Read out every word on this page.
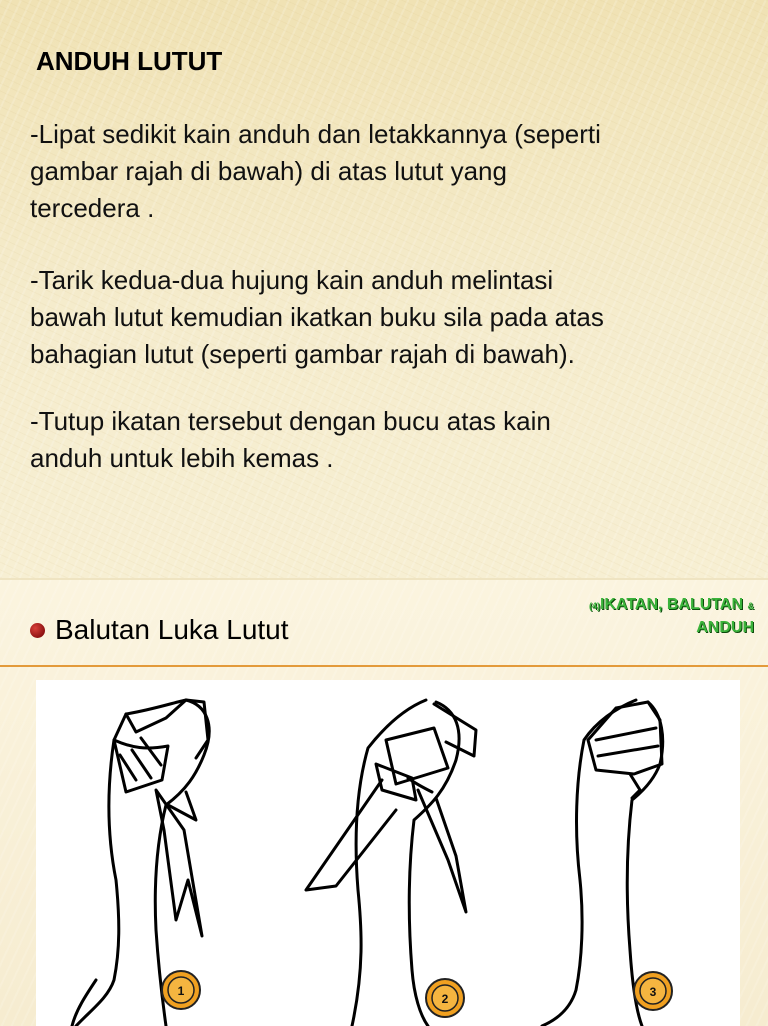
ANDUH LUTUT
-Lipat sedikit kain anduh dan letakkannya (seperti
gambar rajah di bawah) di atas lutut yang
tercedera .
-Tarik kedua-dua hujung kain anduh melintasi
bawah lutut kemudian ikatkan buku sila pada atas
bahagian lutut (seperti gambar rajah di bawah).
-Tutup ikatan tersebut dengan bucu atas kain
anduh untuk lebih kemas .
Balutan Luka Lutut
(4)IKATAN, BALUTAN &
ANDUH
1
2	3
